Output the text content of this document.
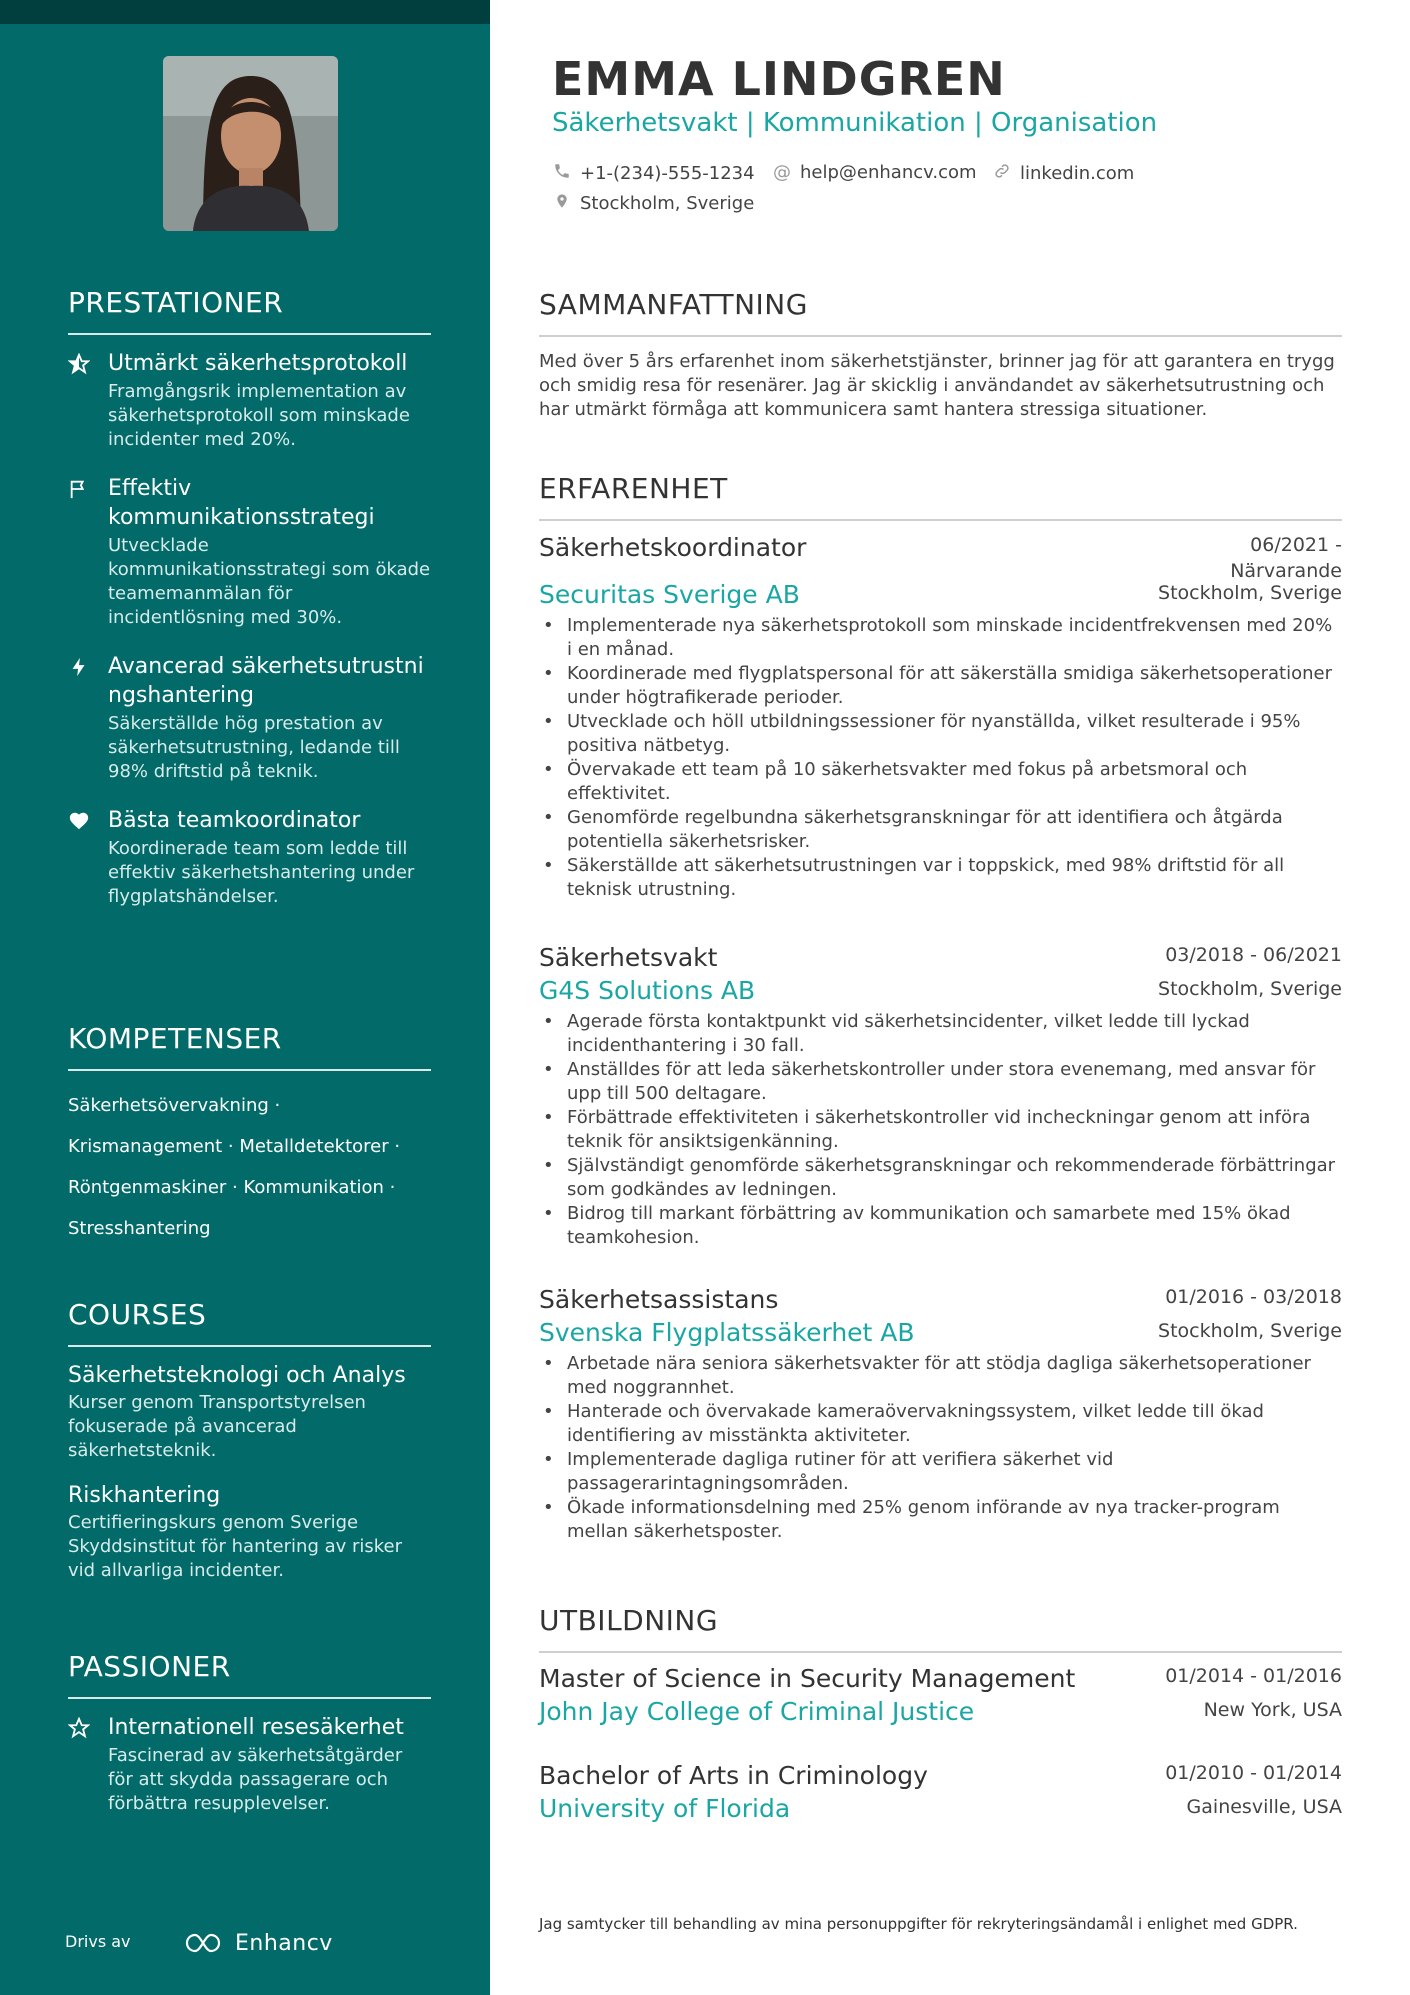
PRESTATIONER
Utmärkt säkerhetsprotokoll
Framgångsrik implementation av säkerhetsprotokoll som minskade incidenter med 20%.
Effektiv kommunikationsstrategi
Utvecklade kommunikationsstrategi som ökade teamemanmälan för incidentlösning med 30%.
Avancerad säkerhetsutrustningshantering
Säkerställde hög prestation av säkerhetsutrustning, ledande till 98% driftstid på teknik.
Bästa teamkoordinator
Koordinerade team som ledde till effektiv säkerhetshantering under flygplatshändelser.
KOMPETENSER
Säkerhetsövervakning ·
Krismanagement · Metalldetektorer ·
Röntgenmaskiner · Kommunikation ·
Stresshantering
COURSES
Säkerhetsteknologi och Analys
Kurser genom Transportstyrelsen fokuserade på avancerad säkerhetsteknik.
Riskhantering
Certifieringskurs genom Sverige Skyddsinstitut för hantering av risker vid allvarliga incidenter.
PASSIONER
Internationell resesäkerhet
Fascinerad av säkerhetsåtgärder för att skydda passagerare och förbättra resupplevelser.
Drivs av	Enhancv
EMMA LINDGREN
Säkerhetsvakt | Kommunikation | Organisation
+1-(234)-555-1234 @ help@enhancv.com linkedin.com
Stockholm, Sverige
SAMMANFATTNING
Med över 5 års erfarenhet inom säkerhetstjänster, brinner jag för att garantera en trygg och smidig resa för resenärer. Jag är skicklig i användandet av säkerhetsutrustning och har utmärkt förmåga att kommunicera samt hantera stressiga situationer.
ERFARENHET
Säkerhetskoordinator	06/2021 - Närvarande
Securitas Sverige AB	Stockholm, Sverige
• Implementerade nya säkerhetsprotokoll som minskade incidentfrekvensen med 20% i en månad.
• Koordinerade med flygplatspersonal för att säkerställa smidiga säkerhetsoperationer under högtrafikerade perioder.
• Utvecklade och höll utbildningssessioner för nyanställda, vilket resulterade i 95% positiva nätbetyg.
• Övervakade ett team på 10 säkerhetsvakter med fokus på arbetsmoral och effektivitet.
• Genomförde regelbundna säkerhetsgranskningar för att identifiera och åtgärda potentiella säkerhetsrisker.
• Säkerställde att säkerhetsutrustningen var i toppskick, med 98% driftstid för all teknisk utrustning.
Säkerhetsvakt	03/2018 - 06/2021
G4S Solutions AB	Stockholm, Sverige
• Agerade första kontaktpunkt vid säkerhetsincidenter, vilket ledde till lyckad incidenthantering i 30 fall.
• Anställdes för att leda säkerhetskontroller under stora evenemang, med ansvar för upp till 500 deltagare.
• Förbättrade effektiviteten i säkerhetskontroller vid incheckningar genom att införa teknik för ansiktsigenkänning.
• Självständigt genomförde säkerhetsgranskningar och rekommenderade förbättringar som godkändes av ledningen.
• Bidrog till markant förbättring av kommunikation och samarbete med 15% ökad teamkohesion.
Säkerhetsassistans	01/2016 - 03/2018
Svenska Flygplatssäkerhet AB	Stockholm, Sverige
• Arbetade nära seniora säkerhetsvakter för att stödja dagliga säkerhetsoperationer med noggrannhet.
• Hanterade och övervakade kameraövervakningssystem, vilket ledde till ökad identifiering av misstänkta aktiviteter.
• Implementerade dagliga rutiner för att verifiera säkerhet vid passagerarintagningsområden.
• Ökade informationsdelning med 25% genom införande av nya tracker-program mellan säkerhetsposter.
UTBILDNING
Master of Science in Security Management	01/2014 - 01/2016
John Jay College of Criminal Justice	New York, USA
Bachelor of Arts in Criminology	01/2010 - 01/2014
University of Florida	Gainesville, USA
Jag samtycker till behandling av mina personuppgifter för rekryteringsändamål i enlighet med GDPR.
